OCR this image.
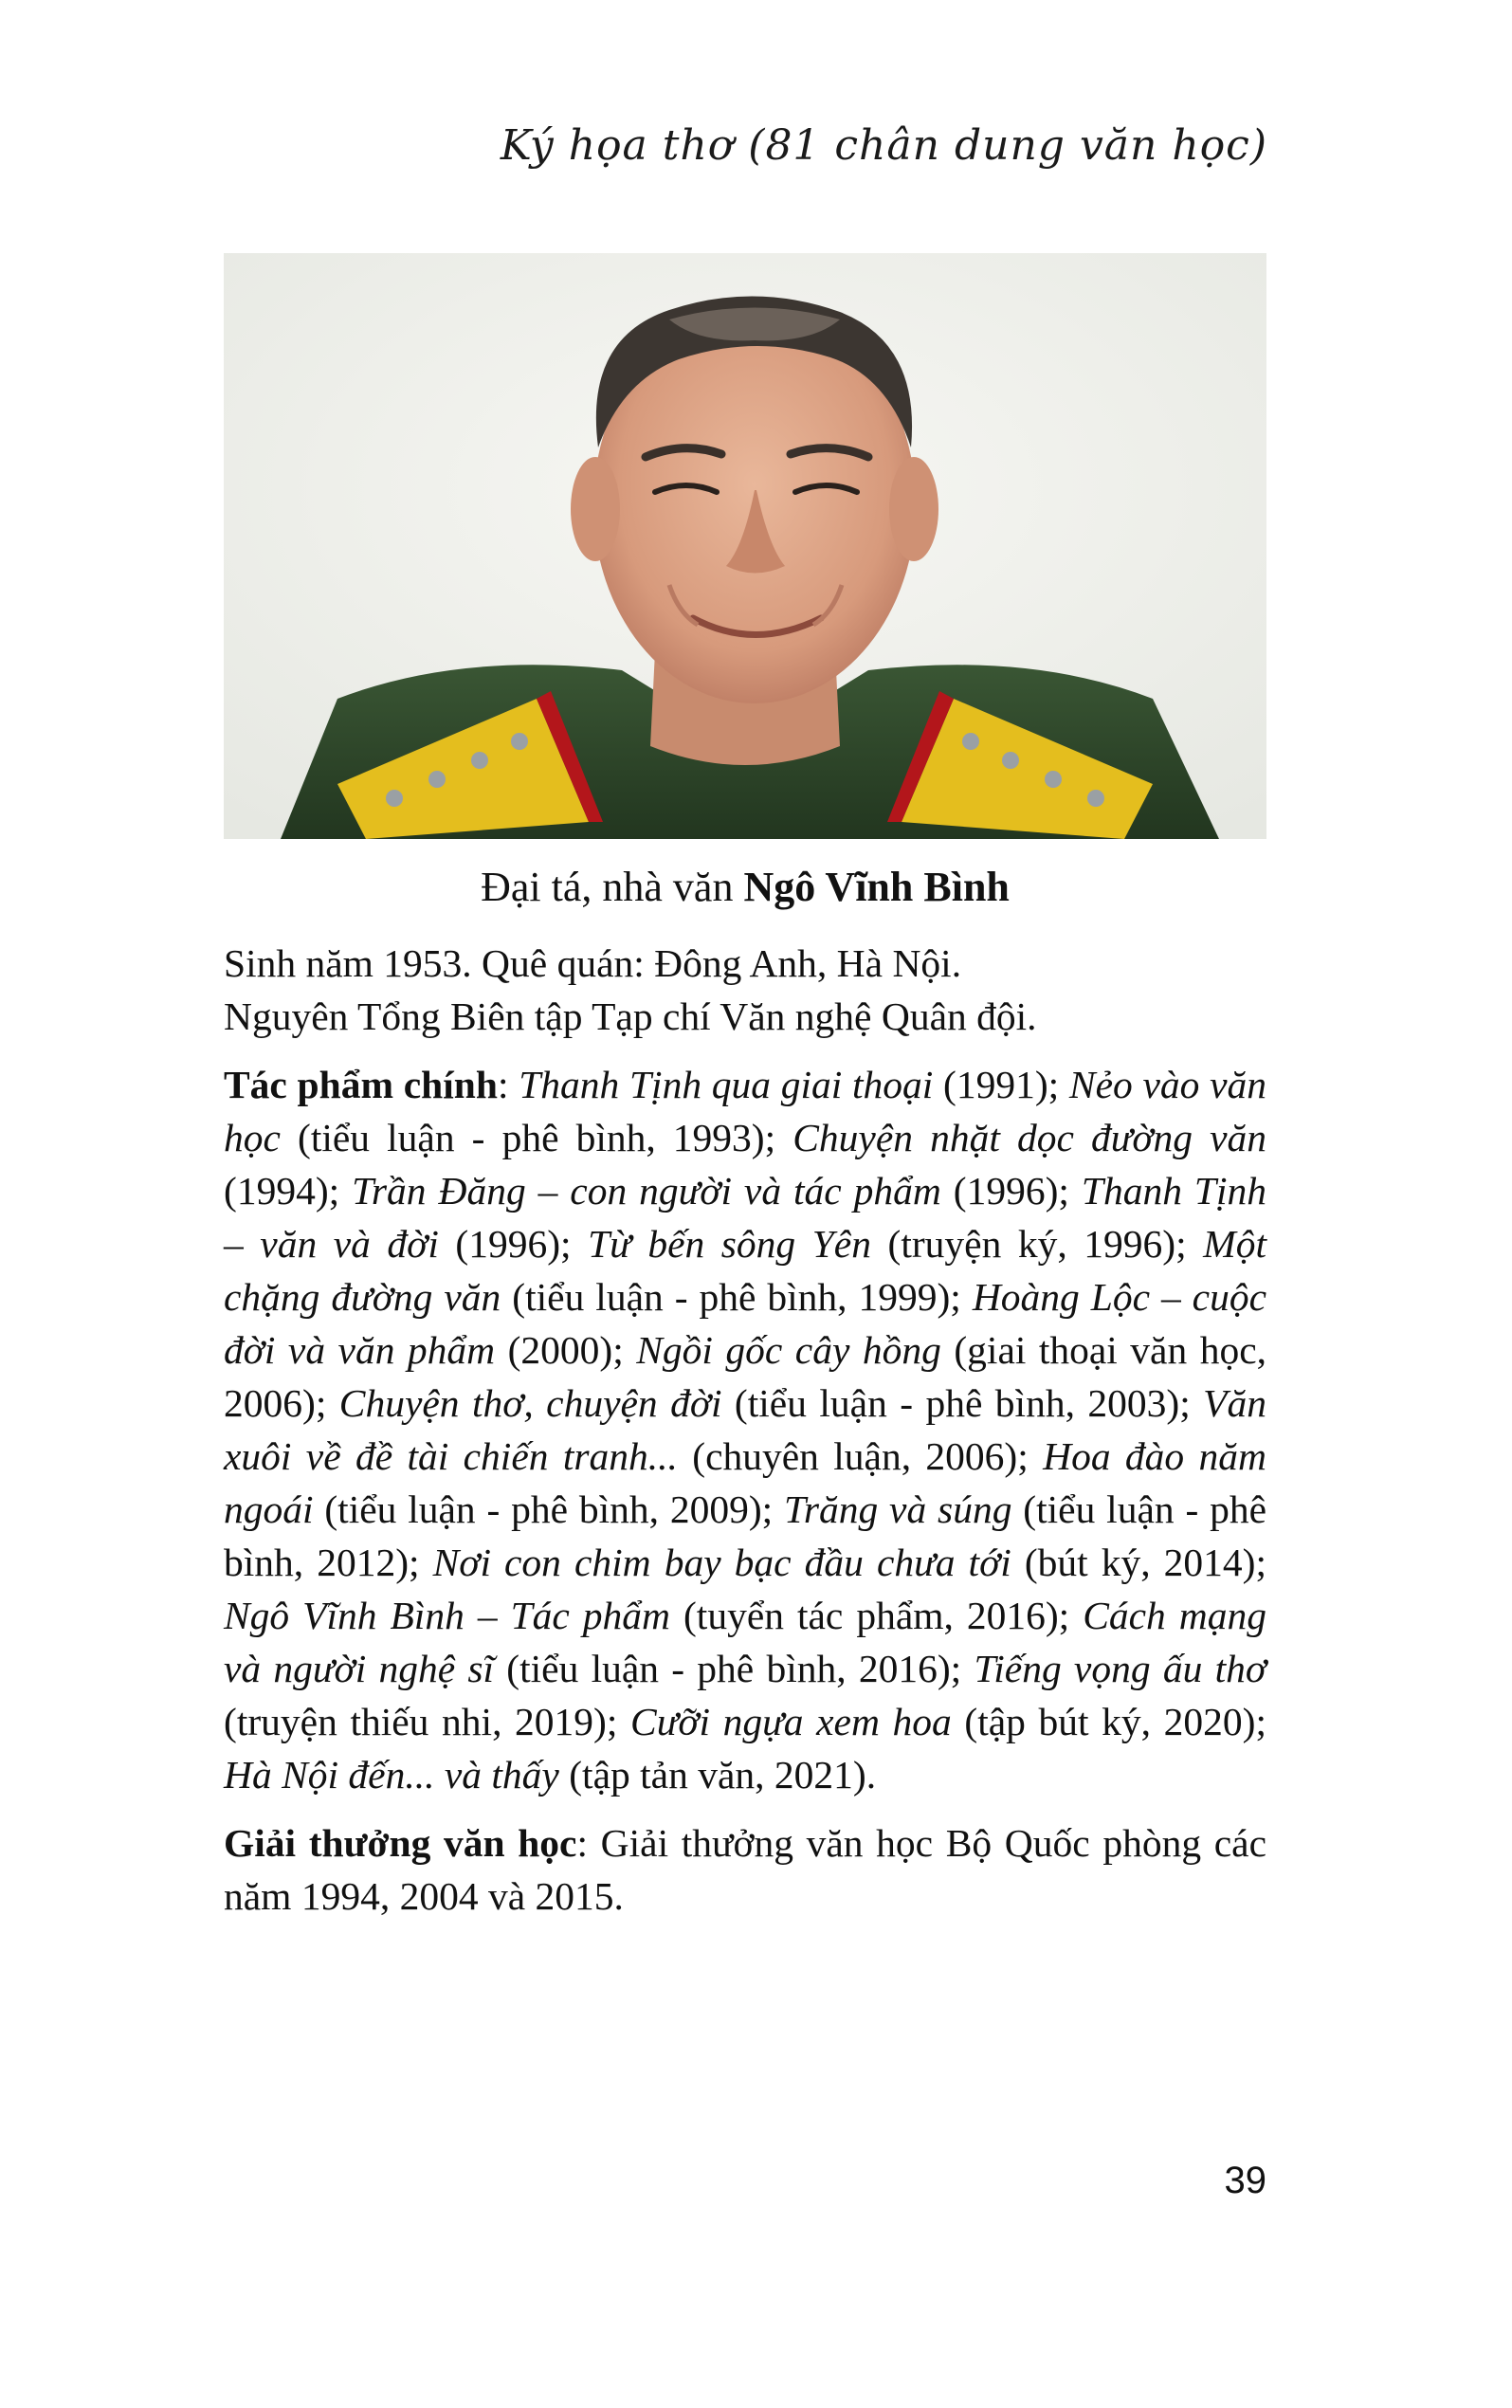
Ký họa thơ (81 chân dung văn học)
Đại tá, nhà văn Ngô Vĩnh Bình

Sinh năm 1953. Quê quán: Đông Anh, Hà Nội.
Nguyên Tổng Biên tập Tạp chí Văn nghệ Quân đội.

Tác phẩm chính: Thanh Tịnh qua giai thoại (1991); Nẻo vào văn học (tiểu luận - phê bình, 1993); Chuyện nhặt dọc đường văn (1994); Trần Đăng – con người và tác phẩm (1996); Thanh Tịnh – văn và đời (1996); Từ bến sông Yên (truyện ký, 1996); Một chặng đường văn (tiểu luận - phê bình, 1999); Hoàng Lộc – cuộc đời và văn phẩm (2000); Ngồi gốc cây hồng (giai thoại văn học, 2006); Chuyện thơ, chuyện đời (tiểu luận - phê bình, 2003); Văn xuôi về đề tài chiến tranh... (chuyên luận, 2006); Hoa đào năm ngoái (tiểu luận - phê bình, 2009); Trăng và súng (tiểu luận - phê bình, 2012); Nơi con chim bay bạc đầu chưa tới (bút ký, 2014); Ngô Vĩnh Bình – Tác phẩm (tuyển tác phẩm, 2016); Cách mạng và người nghệ sĩ (tiểu luận - phê bình, 2016); Tiếng vọng ấu thơ (truyện thiếu nhi, 2019); Cưỡi ngựa xem hoa (tập bút ký, 2020); Hà Nội đến... và thấy (tập tản văn, 2021).

Giải thưởng văn học: Giải thưởng văn học Bộ Quốc phòng các năm 1994, 2004 và 2015.

39
